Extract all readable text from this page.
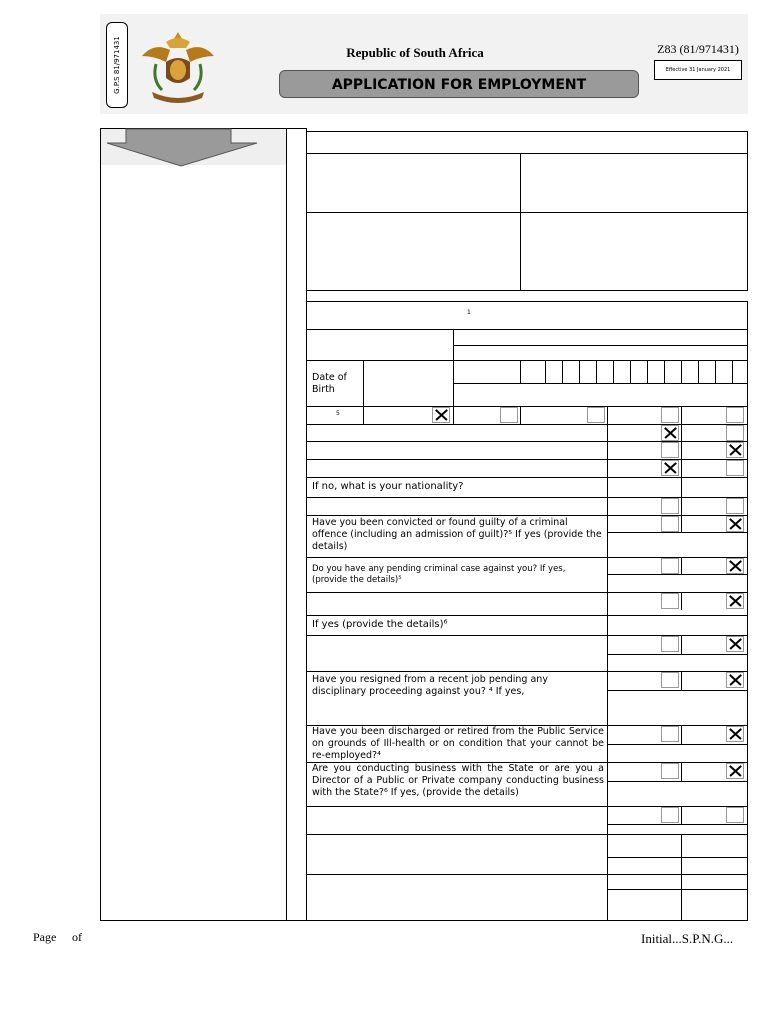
G.P.S 81/971431	Republic of South Africa
APPLICATION FOR EMPLOYMENT
Z83 (81/971431)
Effective 31 January 2021
1
Date of Birth
5
If no, what is your nationality?
Have you been convicted or found guilty of a criminal offence (including an admission of guilt)?⁵ If yes (provide the details)
Do you have any pending criminal case against you? If yes, (provide the details)⁵
If yes (provide the details)⁶
Have you resigned from a recent job pending any disciplinary proceeding against you? ⁴ If yes,
Have you been discharged or retired from the Public Service on grounds of Ill-health or on condition that your cannot be re-employed?⁴
Are you conducting business with the State or are you a Director of a Public or Private company conducting business with the State?⁶ If yes, (provide the details)
Page of	Initial...S.P.N.G...
